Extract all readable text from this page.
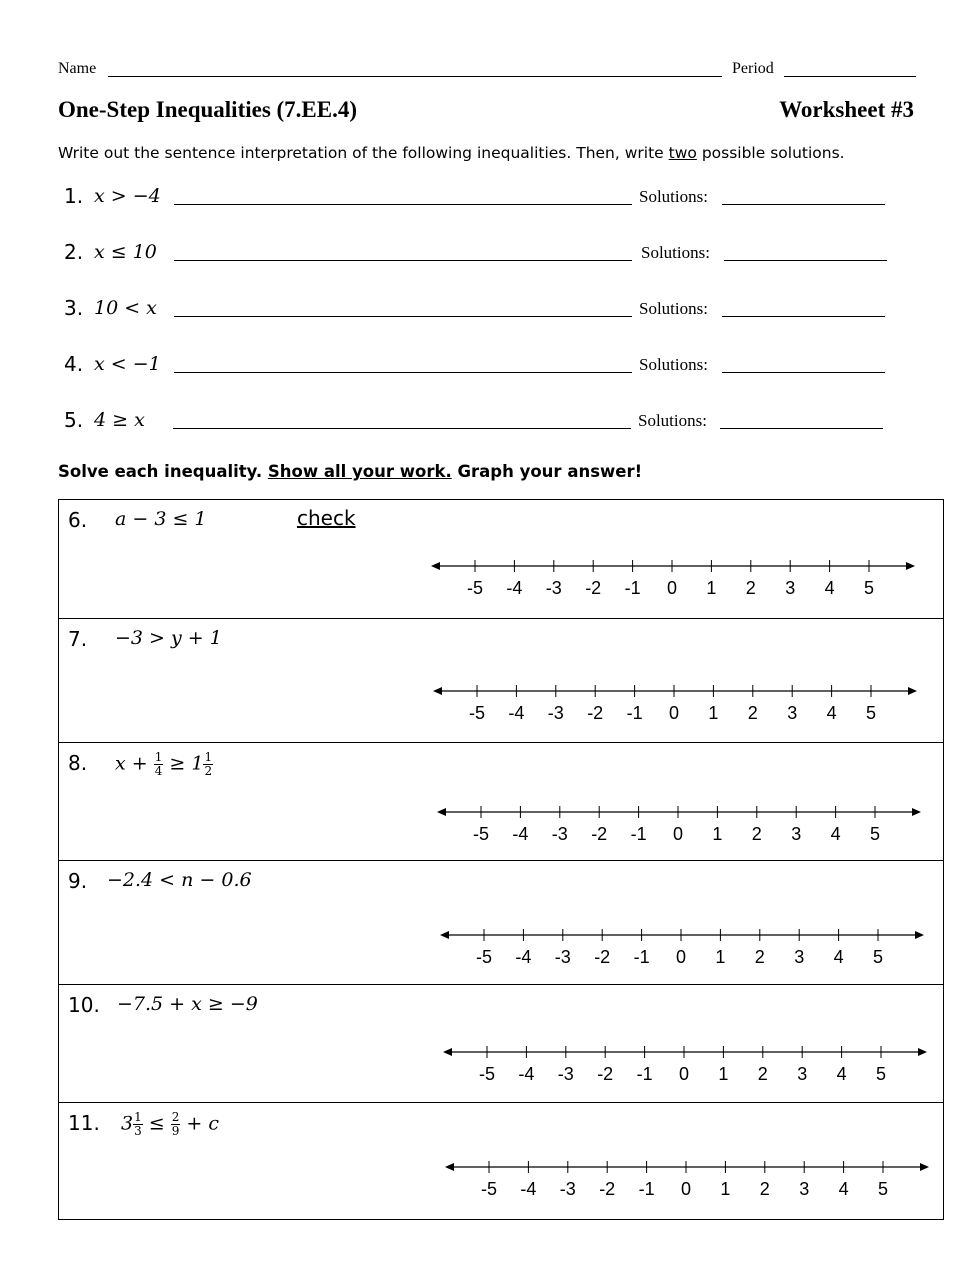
Name	Period
One-Step Inequalities (7.EE.4)	Worksheet #3
Write out the sentence interpretation of the following inequalities. Then, write two possible solutions.
1. x > −4	Solutions:
2. x ≤ 10	Solutions:
3. 10 < x	Solutions:
4. x < −1	Solutions:
5. 4 ≥ x	Solutions:
Solve each inequality. Show all your work. Graph your answer!
6. a − 3 ≤ 1	check
-5 -4 -3 -2 -1 0 1 2 3 4 5
7. −3 > y + 1
-5 -4 -3 -2 -1 0 1 2 3 4 5
8. $x + \frac{1}{4} \ge 1 \frac{1}{2}$
-5 -4 -3 -2 -1 0 1 2 3 4 5
9. −2.4 < n − 0.6
-5 -4 -3 -2 -1 0 1 2 3 4 5
10. −7.5 + x ≥ −9
-5 -4 -3 -2 -1 0 1 2 3 4 5
11. $3 \frac{1}{3} \le \frac{2}{9} + c$
-5 -4 -3 -2 -1 0 1 2 3 4 5
